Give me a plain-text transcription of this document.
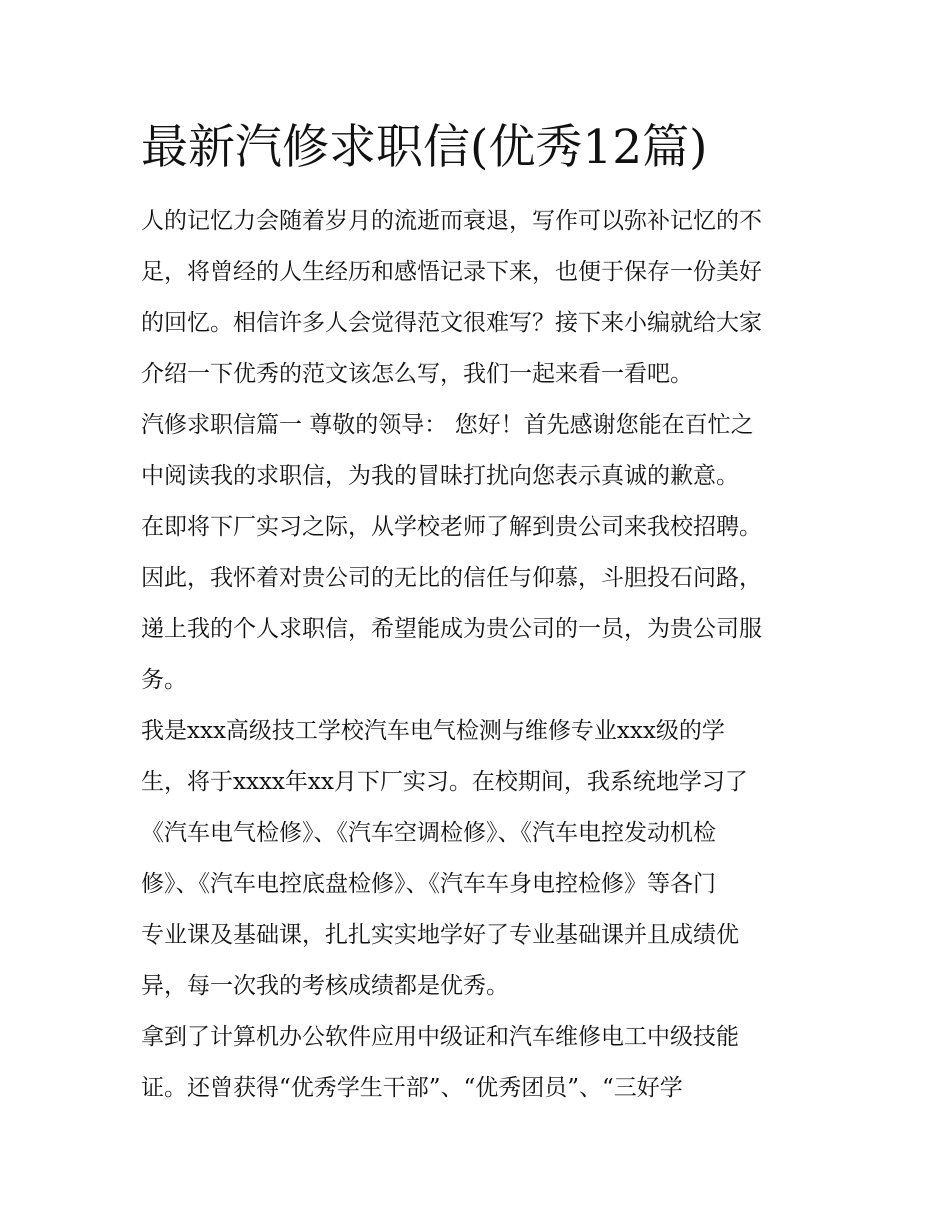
最新汽修求职信(优秀12篇)

人的记忆力会随着岁月的流逝而衰退，写作可以弥补记忆的不
足，将曾经的人生经历和感悟记录下来，也便于保存一份美好
的回忆。相信许多人会觉得范文很难写？接下来小编就给大家
介绍一下优秀的范文该怎么写，我们一起来看一看吧。

汽修求职信篇一 尊敬的领导： 您好！首先感谢您能在百忙之
中阅读我的求职信，为我的冒昧打扰向您表示真诚的歉意。

在即将下厂实习之际，从学校老师了解到贵公司来我校招聘。
因此，我怀着对贵公司的无比的信任与仰慕，斗胆投石问路，
递上我的个人求职信，希望能成为贵公司的一员，为贵公司服
务。

我是xxx高级技工学校汽车电气检测与维修专业xxx级的学
生，将于xxxx年xx月下厂实习。在校期间，我系统地学习了
《汽车电气检修》、《汽车空调检修》、《汽车电控发动机检
修》、《汽车电控底盘检修》、《汽车车身电控检修》等各门
专业课及基础课，扎扎实实地学好了专业基础课并且成绩优
异，每一次我的考核成绩都是优秀。

拿到了计算机办公软件应用中级证和汽车维修电工中级技能
证。还曾获得“优秀学生干部”、“优秀团员”、“三好学
